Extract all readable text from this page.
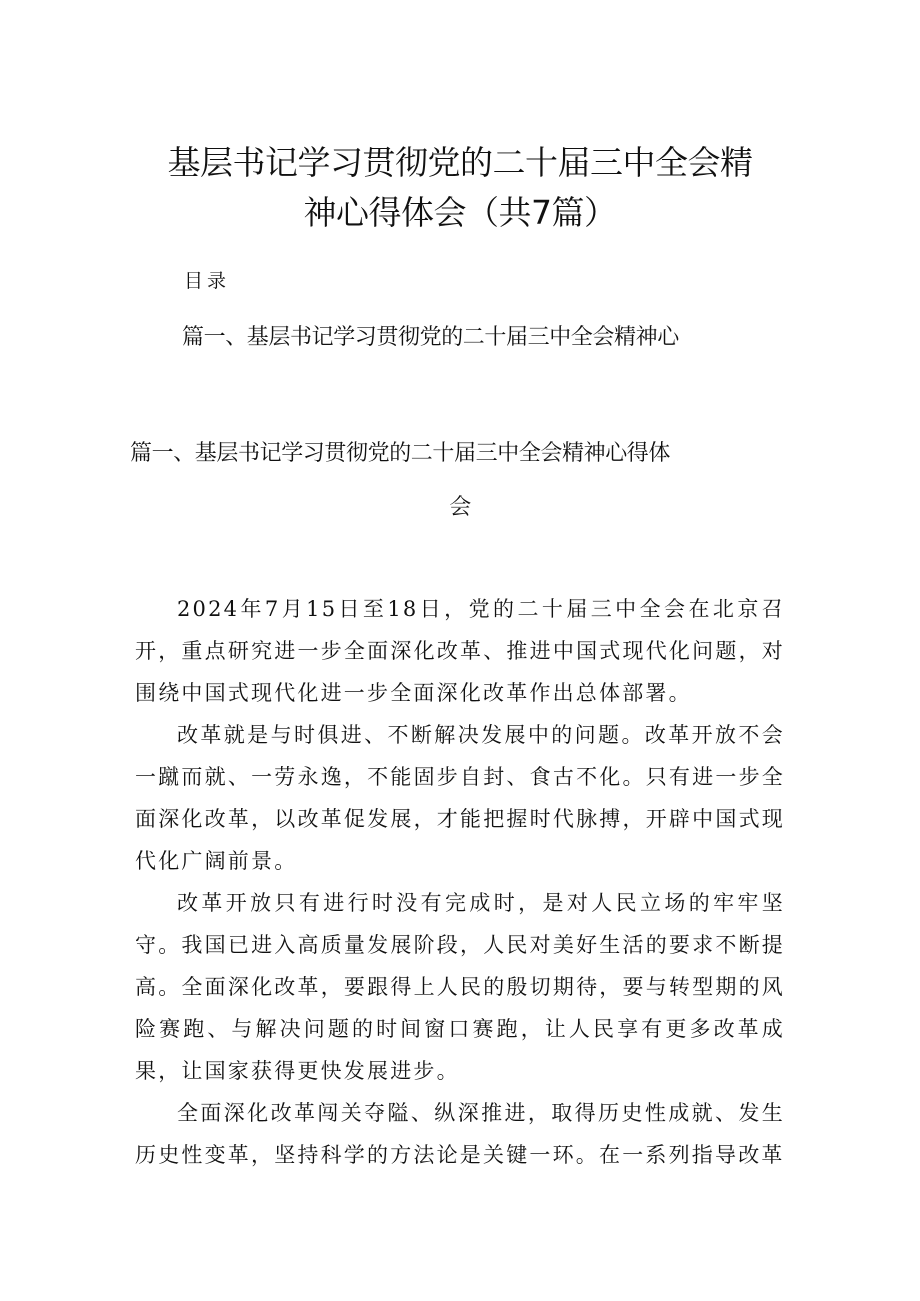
基层书记学习贯彻党的二十届三中全会精
神心得体会（共7篇）
目录
篇一、基层书记学习贯彻党的二十届三中全会精神心
篇一、基层书记学习贯彻党的二十届三中全会精神心得体
会

2024年7月15日至18日，党的二十届三中全会在北京召开，重点研究进一步全面深化改革、推进中国式现代化问题，对围绕中国式现代化进一步全面深化改革作出总体部署。

改革就是与时俱进、不断解决发展中的问题。改革开放不会一蹴而就、一劳永逸，不能固步自封、食古不化。只有进一步全面深化改革，以改革促发展，才能把握时代脉搏，开辟中国式现代化广阔前景。

改革开放只有进行时没有完成时，是对人民立场的牢牢坚守。我国已进入高质量发展阶段，人民对美好生活的要求不断提高。全面深化改革，要跟得上人民的殷切期待，要与转型期的风险赛跑、与解决问题的时间窗口赛跑，让人民享有更多改革成果，让国家获得更快发展进步。

全面深化改革闯关夺隘、纵深推进，取得历史性成就、发生历史性变革，坚持科学的方法论是关键一环。在一系列指导改革
